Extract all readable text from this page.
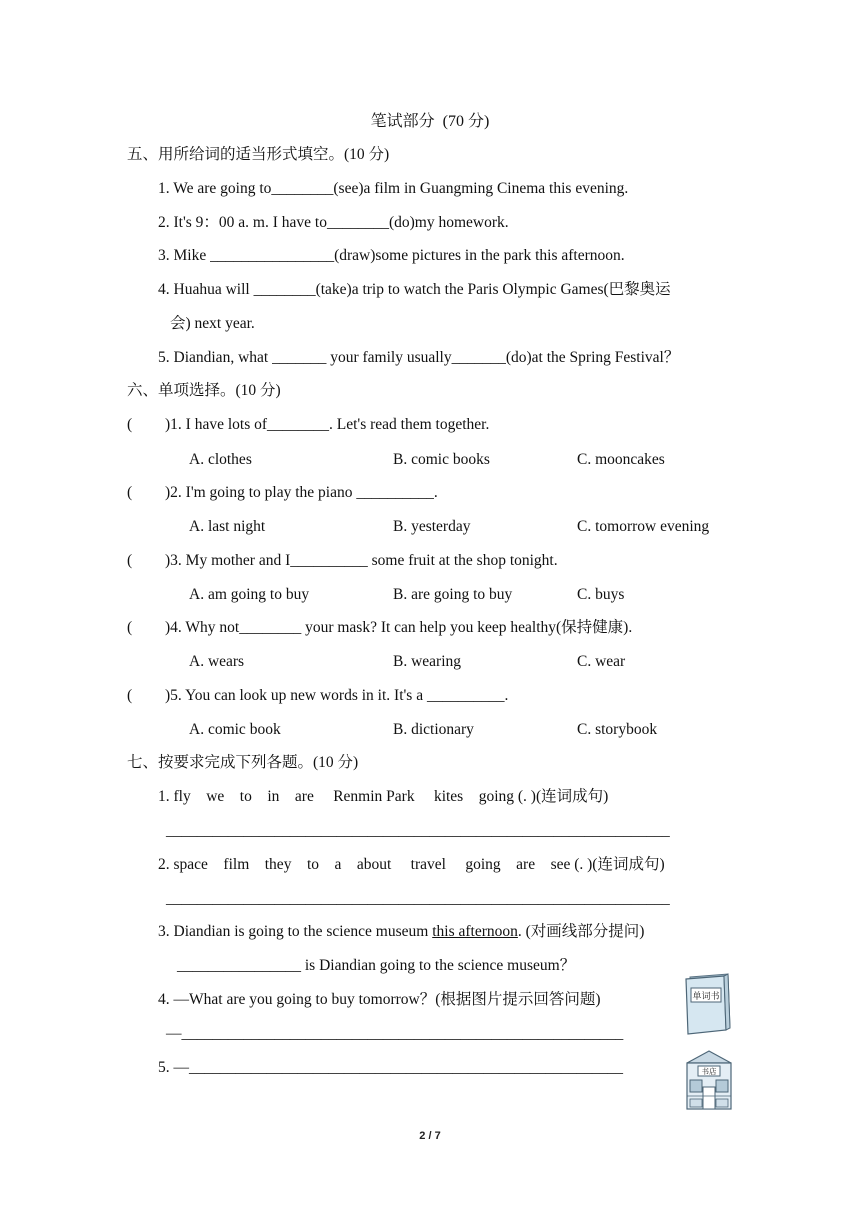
笔试部分  (70 分)
五、用所给词的适当形式填空。(10 分)
1. We are going to________(see)a film in Guangming Cinema this evening.
2. It's 9：00 a. m. I have to________(do)my homework.
3. Mike ________________(draw)some pictures in the park this afternoon.
4. Huahua will ________(take)a trip to watch the Paris Olympic Games(巴黎奥运
会) next year.
5. Diandian, what _______ your family usually_______(do)at the Spring Festival？
六、单项选择。(10 分)
( )1. I have lots of________. Let's read them together.
A. clothes	B. comic books	C. mooncakes
( )2. I'm going to play the piano __________.
A. last night	B. yesterday	C. tomorrow evening
( )3. My mother and I__________ some fruit at the shop tonight.
A. am going to buy	B. are going to buy	C. buys
( )4. Why not________ your mask? It can help you keep healthy(保持健康).
A. wears	B. wearing	C. wear
( )5. You can look up new words in it. It's a __________.
A. comic book	B. dictionary	C. storybook
七、按要求完成下列各题。(10 分)
1. fly    we    to    in    are     Renmin Park     kites    going (. )(连词成句)
_________________________________________________________________
2. space    film    they    to    a    about     travel     going    are    see (. )(连词成句)
_________________________________________________________________
3. Diandian is going to the science museum this afternoon. (对画线部分提问)
________________ is Diandian going to the science museum？
4. —What are you going to buy tomorrow？(根据图片提示回答问题)
—_________________________________________________________
5. —________________________________________________________
单词书
书店
2 / 7
